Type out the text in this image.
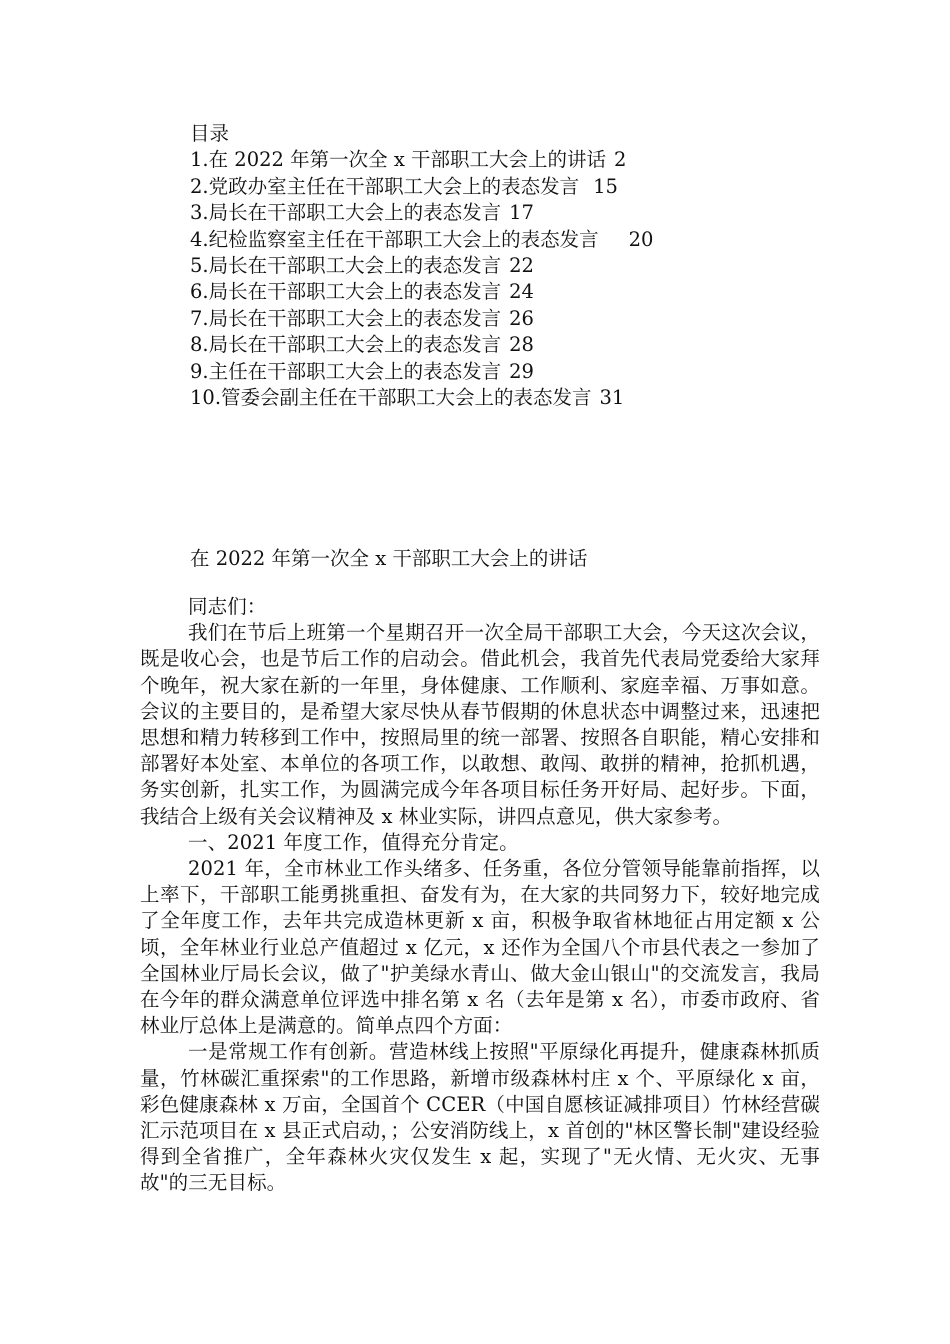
目录
1.在 2022 年第一次全 x 干部职工大会上的讲话 2
2.党政办室主任在干部职工大会上的表态发言 15
3.局长在干部职工大会上的表态发言 17
4.纪检监察室主任在干部职工大会上的表态发言 20
5.局长在干部职工大会上的表态发言 22
6.局长在干部职工大会上的表态发言 24
7.局长在干部职工大会上的表态发言 26
8.局长在干部职工大会上的表态发言 28
9.主任在干部职工大会上的表态发言 29
10.管委会副主任在干部职工大会上的表态发言 31
在 2022 年第一次全 x 干部职工大会上的讲话
同志们：

我们在节后上班第一个星期召开一次全局干部职工大会，今天这次会议，既是收心会，也是节后工作的启动会。借此机会，我首先代表局党委给大家拜个晚年，祝大家在新的一年里，身体健康、工作顺利、家庭幸福、万事如意。会议的主要目的，是希望大家尽快从春节假期的休息状态中调整过来，迅速把思想和精力转移到工作中，按照局里的统一部署、按照各自职能，精心安排和部署好本处室、本单位的各项工作，以敢想、敢闯、敢拼的精神，抢抓机遇，务实创新，扎实工作，为圆满完成今年各项目标任务开好局、起好步。下面，我结合上级有关会议精神及 x 林业实际，讲四点意见，供大家参考。

一、2021 年度工作，值得充分肯定。

2021 年，全市林业工作头绪多、任务重，各位分管领导能靠前指挥，以上率下，干部职工能勇挑重担、奋发有为，在大家的共同努力下，较好地完成了全年度工作，去年共完成造林更新 x 亩，积极争取省林地征占用定额 x 公顷，全年林业行业总产值超过 x 亿元，x 还作为全国八个市县代表之一参加了全国林业厅局长会议，做了"护美绿水青山、做大金山银山"的交流发言，我局在今年的群众满意单位评选中排名第 x 名（去年是第 x 名），市委市政府、省林业厅总体上是满意的。简单点四个方面：

一是常规工作有创新。营造林线上按照"平原绿化再提升，健康森林抓质量，竹林碳汇重探索"的工作思路，新增市级森林村庄 x 个、平原绿化 x 亩，彩色健康森林 x 万亩，全国首个 CCER（中国自愿核证减排项目）竹林经营碳汇示范项目在 x 县正式启动，；公安消防线上，x 首创的"林区警长制"建设经验得到全省推广，全年森林火灾仅发生 x 起，实现了"无火情、无火灾、无事故"的三无目标。
